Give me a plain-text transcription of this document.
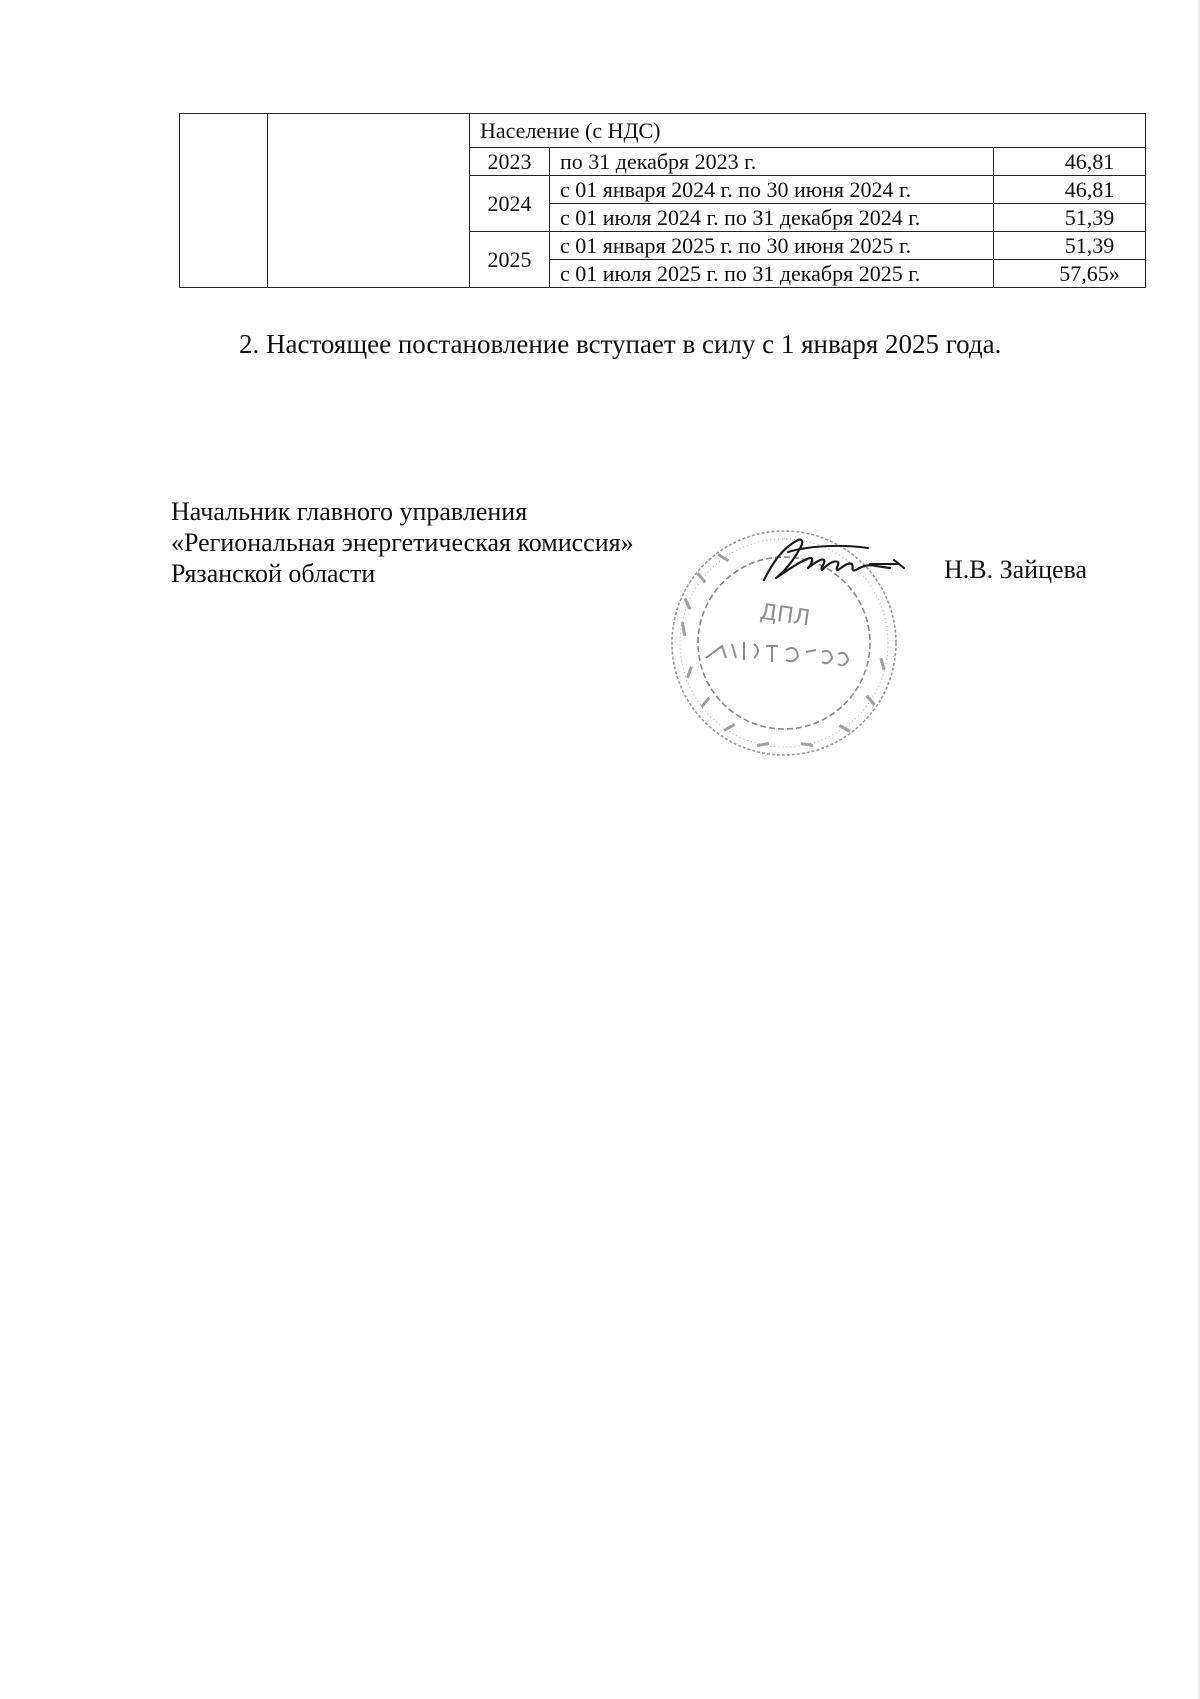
		Население (с НДС)		
		2023	по 31 декабря 2023 г.	46,81
		2024	с 01 января 2024 г. по 30 июня 2024 г.	46,81
			с 01 июля 2024 г. по 31 декабря 2024 г.	51,39
		2025	с 01 января 2025 г. по 30 июня 2025 г.	51,39
			с 01 июля 2025 г. по 31 декабря 2025 г.	57,65»

2. Настоящее постановление вступает в силу с 1 января 2025 года.

Начальник главного управления
«Региональная энергетическая комиссия»
Рязанской области
ДПЛ
Н.В. Зайцева
